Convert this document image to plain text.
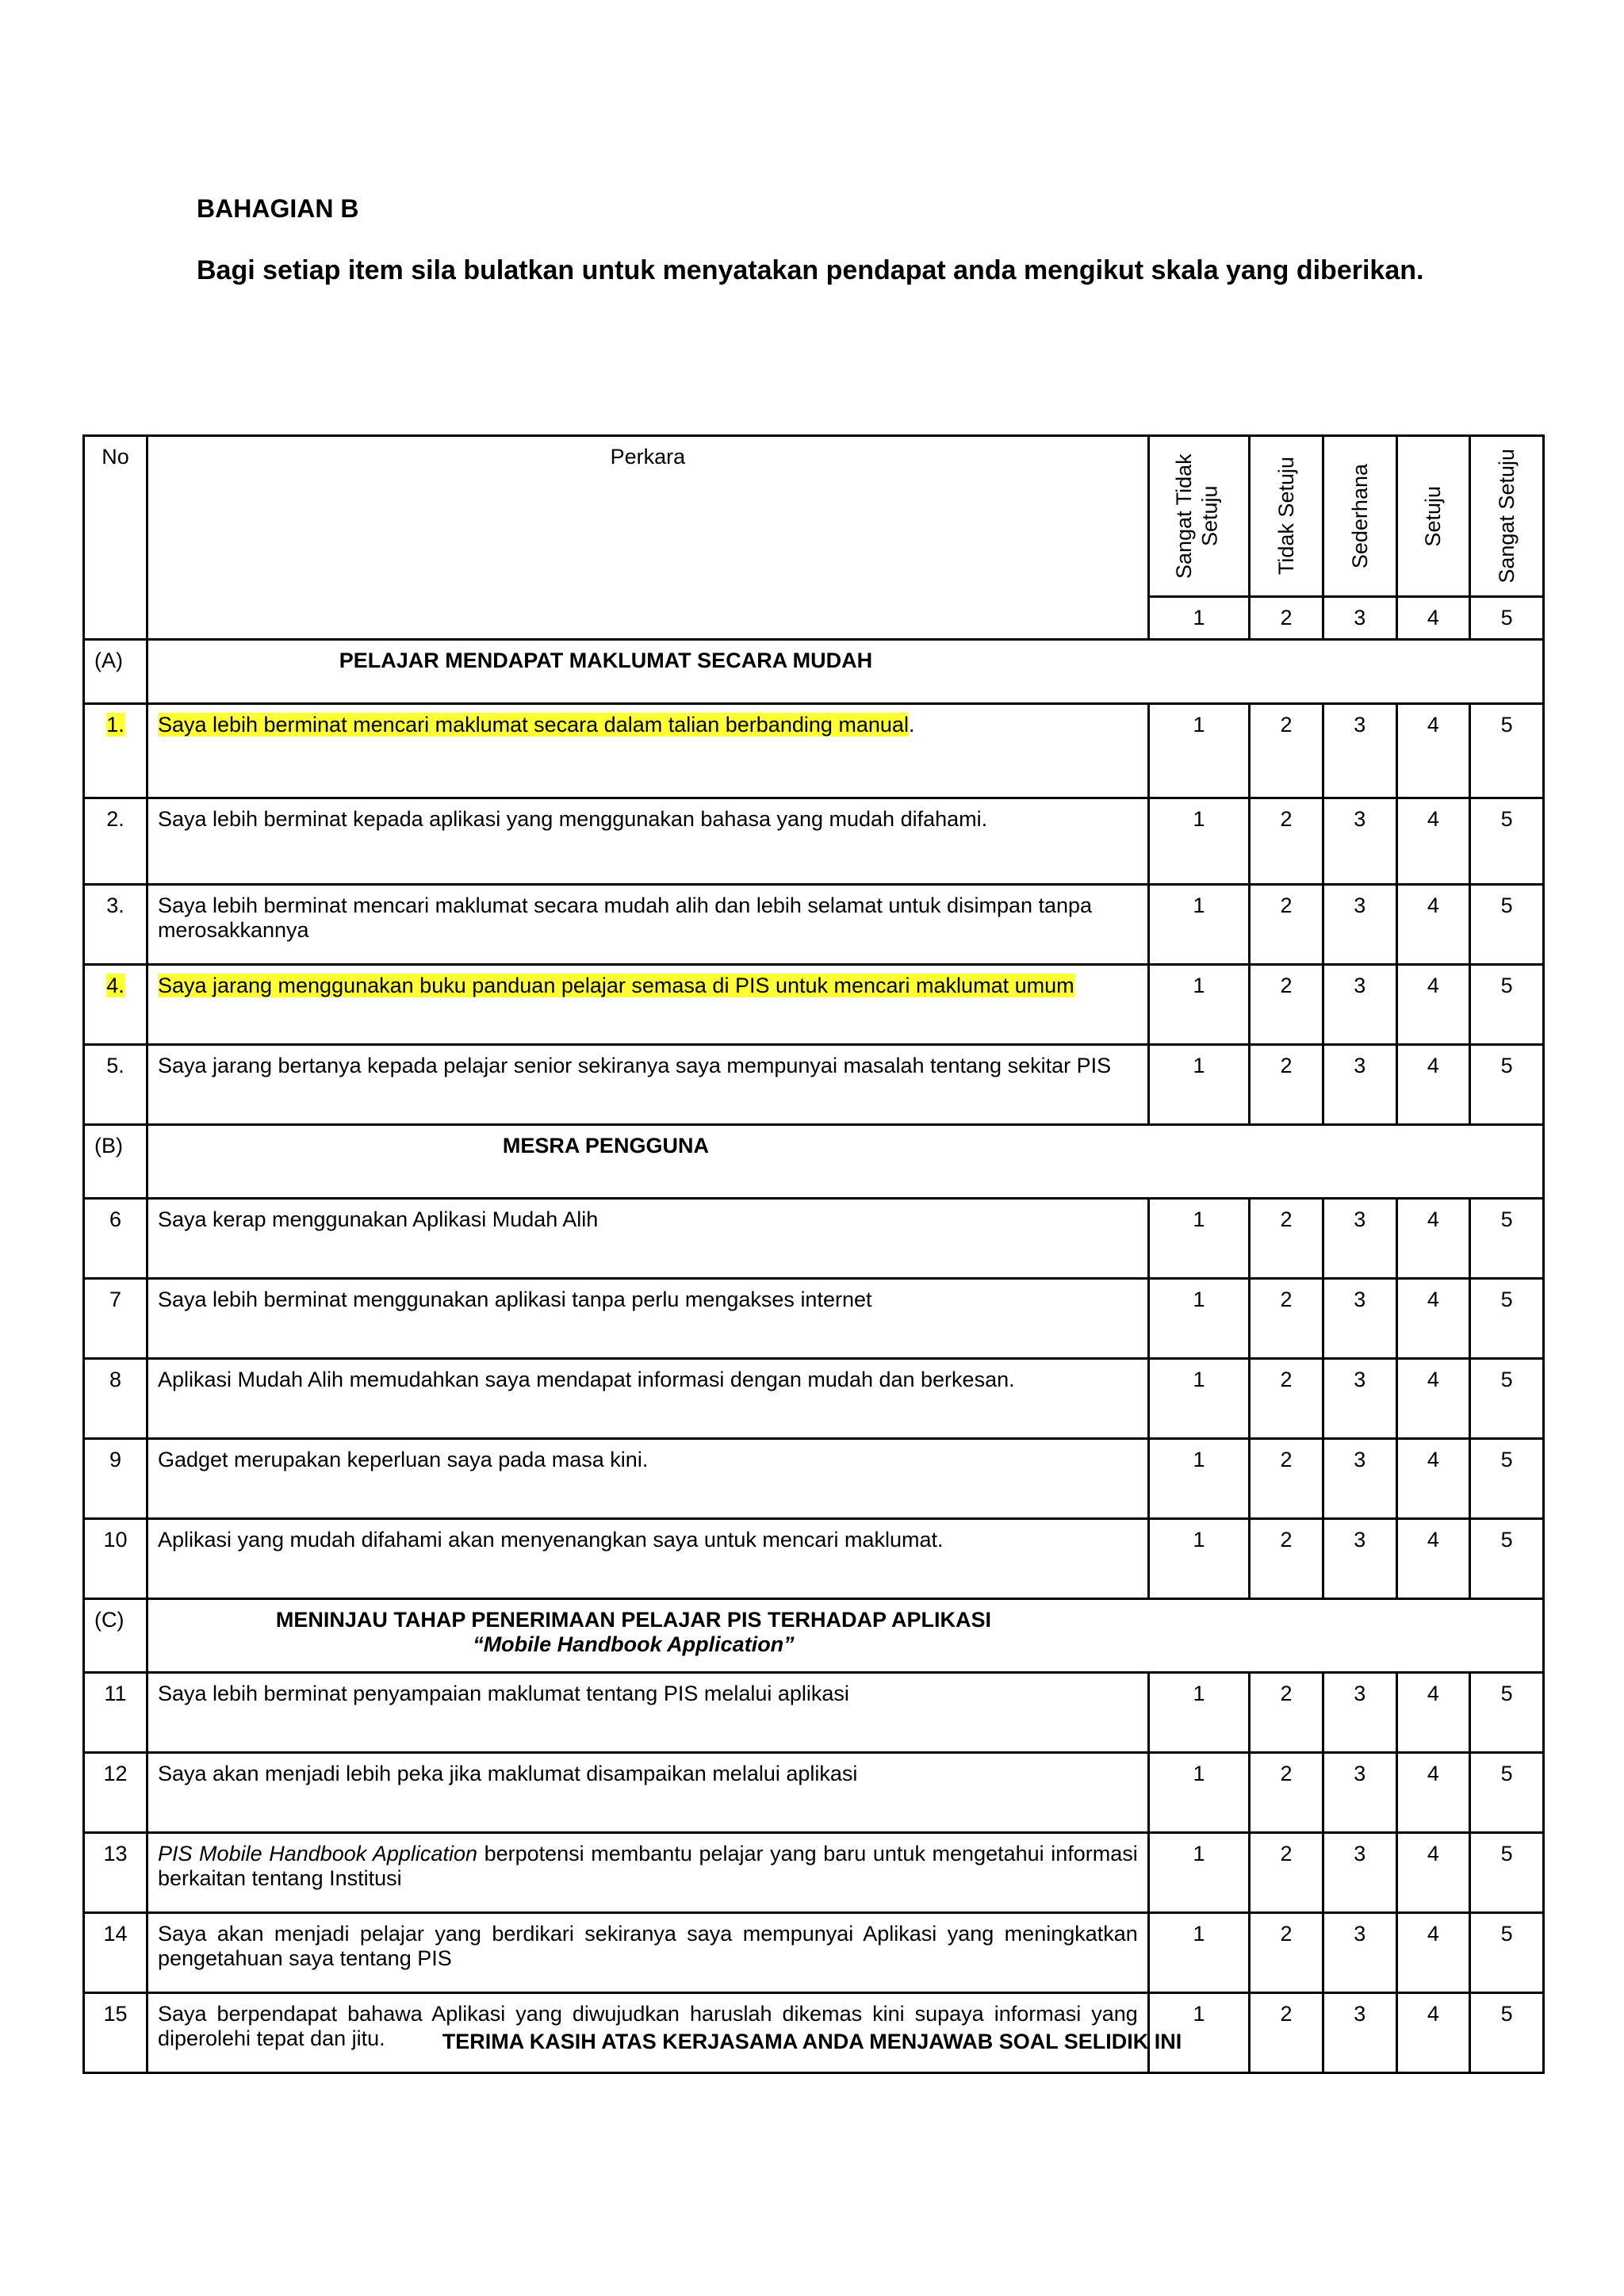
BAHAGIAN B
Bagi setiap item sila bulatkan untuk menyatakan pendapat anda mengikut skala yang diberikan.
No	Perkara	Sangat Tidak Setuju	Tidak Setuju	Sederhana	Setuju	Sangat Setuju

		1	2	3	4	5
(A)	PELAJAR MENDAPAT MAKLUMAT SECARA MUDAH					

1.	Saya lebih berminat mencari maklumat secara dalam talian berbanding manual.	1	2	3	4	5
2.	Saya lebih berminat kepada aplikasi yang menggunakan bahasa yang mudah difahami.	1	2	3	4	5
3.	Saya lebih berminat mencari maklumat secara mudah alih dan lebih selamat untuk disimpan tanpa merosakkannya	1	2	3	4	5
4.	Saya jarang menggunakan buku panduan pelajar semasa di PIS untuk mencari maklumat umum	1	2	3	4	5
5.	Saya jarang bertanya kepada pelajar senior sekiranya saya mempunyai masalah tentang sekitar PIS	1	2	3	4	5
(B)	MESRA PENGGUNA					

6	Saya kerap menggunakan Aplikasi Mudah Alih	1	2	3	4	5
7	Saya lebih berminat menggunakan aplikasi tanpa perlu mengakses internet	1	2	3	4	5
8	Aplikasi Mudah Alih memudahkan saya mendapat informasi dengan mudah dan berkesan.	1	2	3	4	5
9	Gadget merupakan keperluan saya pada masa kini.	1	2	3	4	5
10	Aplikasi yang mudah difahami akan menyenangkan saya untuk mencari maklumat.	1	2	3	4	5
(C)	MENINJAU TAHAP PENERIMAAN PELAJAR PIS TERHADAP APLIKASI “Mobile Handbook Application”					

11	Saya lebih berminat penyampaian maklumat tentang PIS melalui aplikasi	1	2	3	4	5
12	Saya akan menjadi lebih peka jika maklumat disampaikan melalui aplikasi	1	2	3	4	5
13	PIS Mobile Handbook Application berpotensi membantu pelajar yang baru untuk mengetahui informasi berkaitan tentang Institusi	1	2	3	4	5
14	Saya akan menjadi pelajar yang berdikari sekiranya saya mempunyai Aplikasi yang meningkatkan pengetahuan saya tentang PIS	1	2	3	4	5
15	Saya berpendapat bahawa Aplikasi yang diwujudkan haruslah dikemas kini supaya informasi yang diperolehi tepat dan jitu.	1	2	3	4	5
TERIMA KASIH ATAS KERJASAMA ANDA MENJAWAB SOAL SELIDIK INI
